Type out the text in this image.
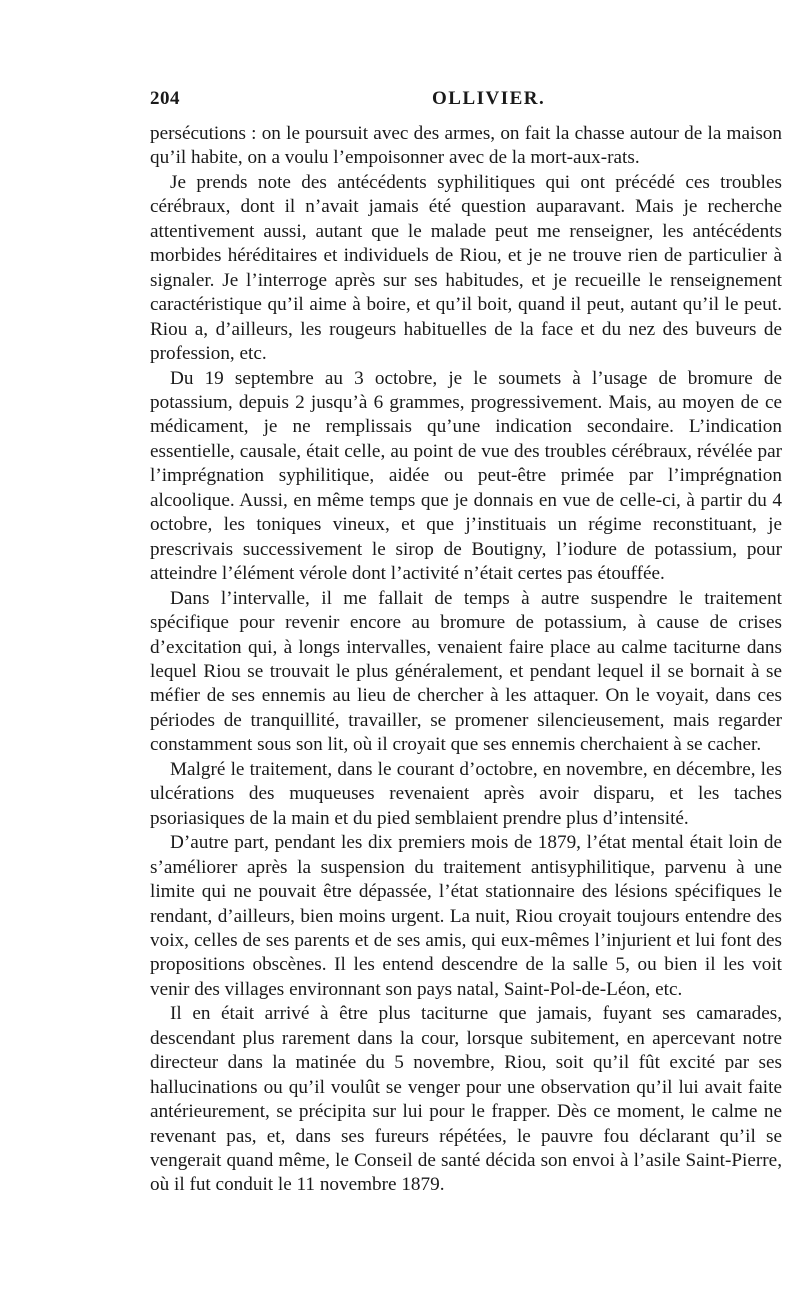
204	OLLIVIER.

persécutions : on le poursuit avec des armes, on fait la chasse autour de la maison qu’il habite, on a voulu l’empoisonner avec de la mort-aux-rats.

Je prends note des antécédents syphilitiques qui ont précédé ces troubles cérébraux, dont il n’avait jamais été question auparavant. Mais je recherche attentivement aussi, autant que le malade peut me renseigner, les antécédents morbides héréditaires et individuels de Riou, et je ne trouve rien de particulier à signaler. Je l’interroge après sur ses habitudes, et je recueille le renseignement caractéristique qu’il aime à boire, et qu’il boit, quand il peut, autant qu’il le peut. Riou a, d’ailleurs, les rougeurs habituelles de la face et du nez des buveurs de profession, etc.

Du 19 septembre au 3 octobre, je le soumets à l’usage de bromure de potassium, depuis 2 jusqu’à 6 grammes, progressivement. Mais, au moyen de ce médicament, je ne remplissais qu’une indication secondaire. L’indication essentielle, causale, était celle, au point de vue des troubles cérébraux, révélée par l’imprégnation syphilitique, aidée ou peut-être primée par l’imprégnation alcoolique. Aussi, en même temps que je donnais en vue de celle-ci, à partir du 4 octobre, les toniques vineux, et que j’instituais un régime reconstituant, je prescrivais successivement le sirop de Boutigny, l’iodure de potassium, pour atteindre l’élément vérole dont l’activité n’était certes pas étouffée.

Dans l’intervalle, il me fallait de temps à autre suspendre le traitement spécifique pour revenir encore au bromure de potassium, à cause de crises d’excitation qui, à longs intervalles, venaient faire place au calme taciturne dans lequel Riou se trouvait le plus généralement, et pendant lequel il se bornait à se méfier de ses ennemis au lieu de chercher à les attaquer. On le voyait, dans ces périodes de tranquillité, travailler, se promener silencieusement, mais regarder constamment sous son lit, où il croyait que ses ennemis cherchaient à se cacher.

Malgré le traitement, dans le courant d’octobre, en novembre, en décembre, les ulcérations des muqueuses revenaient après avoir disparu, et les taches psoriasiques de la main et du pied semblaient prendre plus d’intensité.

D’autre part, pendant les dix premiers mois de 1879, l’état mental était loin de s’améliorer après la suspension du traitement antisyphilitique, parvenu à une limite qui ne pouvait être dépassée, l’état stationnaire des lésions spécifiques le rendant, d’ailleurs, bien moins urgent. La nuit, Riou croyait toujours entendre des voix, celles de ses parents et de ses amis, qui eux-mêmes l’injurient et lui font des propositions obscènes. Il les entend descendre de la salle 5, ou bien il les voit venir des villages environnant son pays natal, Saint-Pol-de-Léon, etc.

Il en était arrivé à être plus taciturne que jamais, fuyant ses camarades, descendant plus rarement dans la cour, lorsque subitement, en apercevant notre directeur dans la matinée du 5 novembre, Riou, soit qu’il fût excité par ses hallucinations ou qu’il voulût se venger pour une observation qu’il lui avait faite antérieurement, se précipita sur lui pour le frapper. Dès ce moment, le calme ne revenant pas, et, dans ses fureurs répétées, le pauvre fou déclarant qu’il se vengerait quand même, le Conseil de santé décida son envoi à l’asile Saint-Pierre, où il fut conduit le 11 novembre 1879.
